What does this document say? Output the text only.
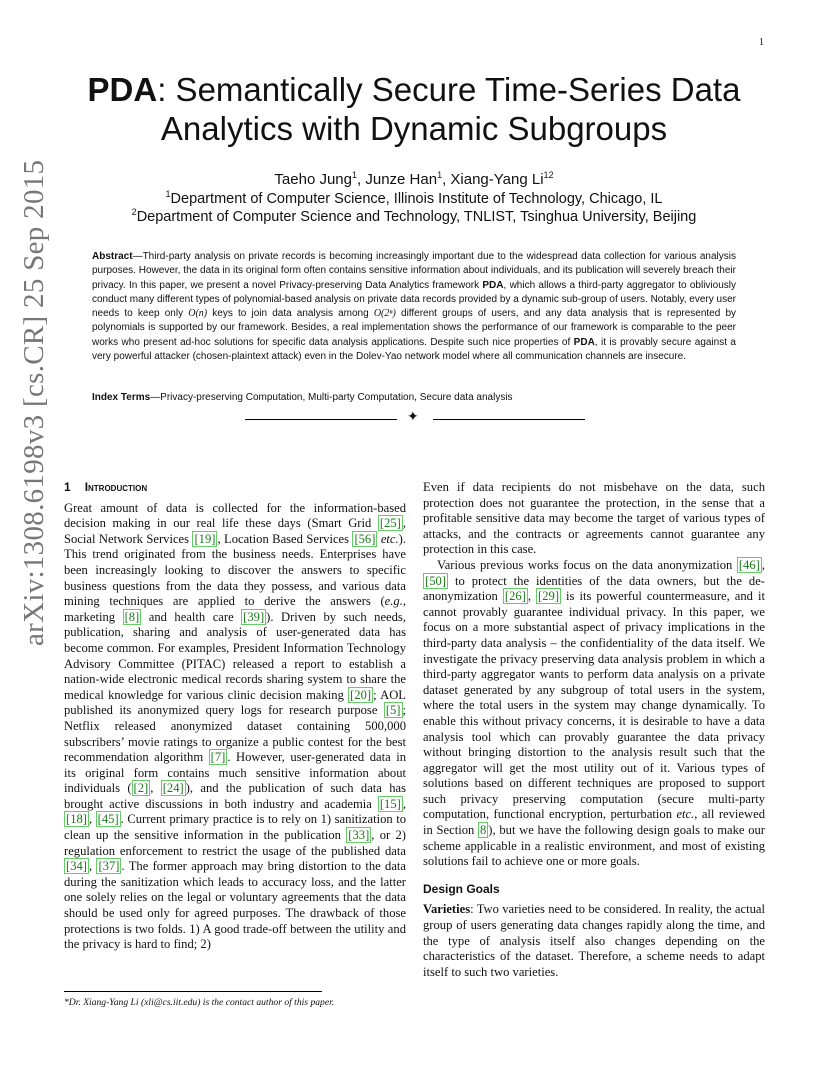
1
arXiv:1308.6198v3 [cs.CR] 25 Sep 2015
PDA: Semantically Secure Time-Series Data
Analytics with Dynamic Subgroups
Taeho Jung$^1$, Junze Han$^1$, Xiang-Yang Li$^{12}$
$^1$Department of Computer Science, Illinois Institute of Technology, Chicago, IL
$^2$Department of Computer Science and Technology, TNLIST, Tsinghua University, Beijing
Abstract—Third-party analysis on private records is becoming increasingly important due to the widespread data collection for various analysis purposes. However, the data in its original form often contains sensitive information about individuals, and its publication will severely breach their privacy. In this paper, we present a novel Privacy-preserving Data Analytics framework PDA, which allows a third-party aggregator to obliviously conduct many different types of polynomial-based analysis on private data records provided by a dynamic sub-group of users. Notably, every user needs to keep only O(n) keys to join data analysis among O(2ⁿ) different groups of users, and any data analysis that is represented by polynomials is supported by our framework. Besides, a real implementation shows the performance of our framework is comparable to the peer works who present ad-hoc solutions for specific data analysis applications. Despite such nice properties of PDA, it is provably secure against a very powerful attacker (chosen-plaintext attack) even in the Dolev-Yao network model where all communication channels are insecure.
Index Terms—Privacy-preserving Computation, Multi-party Computation, Secure data analysis
✦

1 Introduction

Great amount of data is collected for the information-based decision making in our real life these days (Smart Grid [25] , Social Network Services [19] , Location Based Services [56] etc.). This trend originated from the business needs. Enterprises have been increasingly looking to discover the answers to specific business questions from the data they possess, and various data mining techniques are applied to derive the answers (e.g., marketing [8] and health care [39] ). Driven by such needs, publication, sharing and analysis of user-generated data has become common. For examples, President Information Technology Advisory Committee (PITAC) released a report to establish a nation-wide electronic medical records sharing system to share the medical knowledge for various clinic decision making [20] ; AOL published its anonymized query logs for research purpose [5] ; Netflix released anonymized dataset containing 500,000 subscribers’ movie ratings to organize a public contest for the best recommendation algorithm [7] . However, user-generated data in its original form contains much sensitive information about individuals ( [2] , [24] ), and the publication of such data has brought active discussions in both industry and academia [15] , [18] , [45] . Current primary practice is to rely on 1) sanitization to clean up the sensitive information in the publication [33] , or 2) regulation enforcement to restrict the usage of the published data [34] , [37] . The former approach may bring distortion to the data during the sanitization which leads to accuracy loss, and the latter one solely relies on the legal or voluntary agreements that the data should be used only for agreed purposes. The drawback of those protections is two folds. 1) A good trade-off between the utility and the privacy is hard to find; 2)

Even if data recipients do not misbehave on the data, such protection does not guarantee the protection, in the sense that a profitable sensitive data may become the target of various types of attacks, and the contracts or agreements cannot guarantee any protection in this case.

Various previous works focus on the data anonymization [46] , [50] to protect the identities of the data owners, but the de-anonymization [26] , [29] is its powerful countermeasure, and it cannot provably guarantee individual privacy. In this paper, we focus on a more substantial aspect of privacy implications in the third-party data analysis – the confidentiality of the data itself. We investigate the privacy preserving data analysis problem in which a third-party aggregator wants to perform data analysis on a private dataset generated by any subgroup of total users in the system, where the total users in the system may change dynamically. To enable this without privacy concerns, it is desirable to have a data analysis tool which can provably guarantee the data privacy without bringing distortion to the analysis result such that the aggregator will get the most utility out of it. Various types of solutions based on different techniques are proposed to support such privacy preserving computation (secure multi-party computation, functional encryption, perturbation etc., all reviewed in Section 8 ), but we have the following design goals to make our scheme applicable in a realistic environment, and most of existing solutions fail to achieve one or more goals.

Design Goals

Varieties: Two varieties need to be considered. In reality, the actual group of users generating data changes rapidly along the time, and the type of analysis itself also changes depending on the characteristics of the dataset. Therefore, a scheme needs to adapt itself to such two varieties.

*Dr. Xiang-Yang Li (xli@cs.iit.edu) is the contact author of this paper.
